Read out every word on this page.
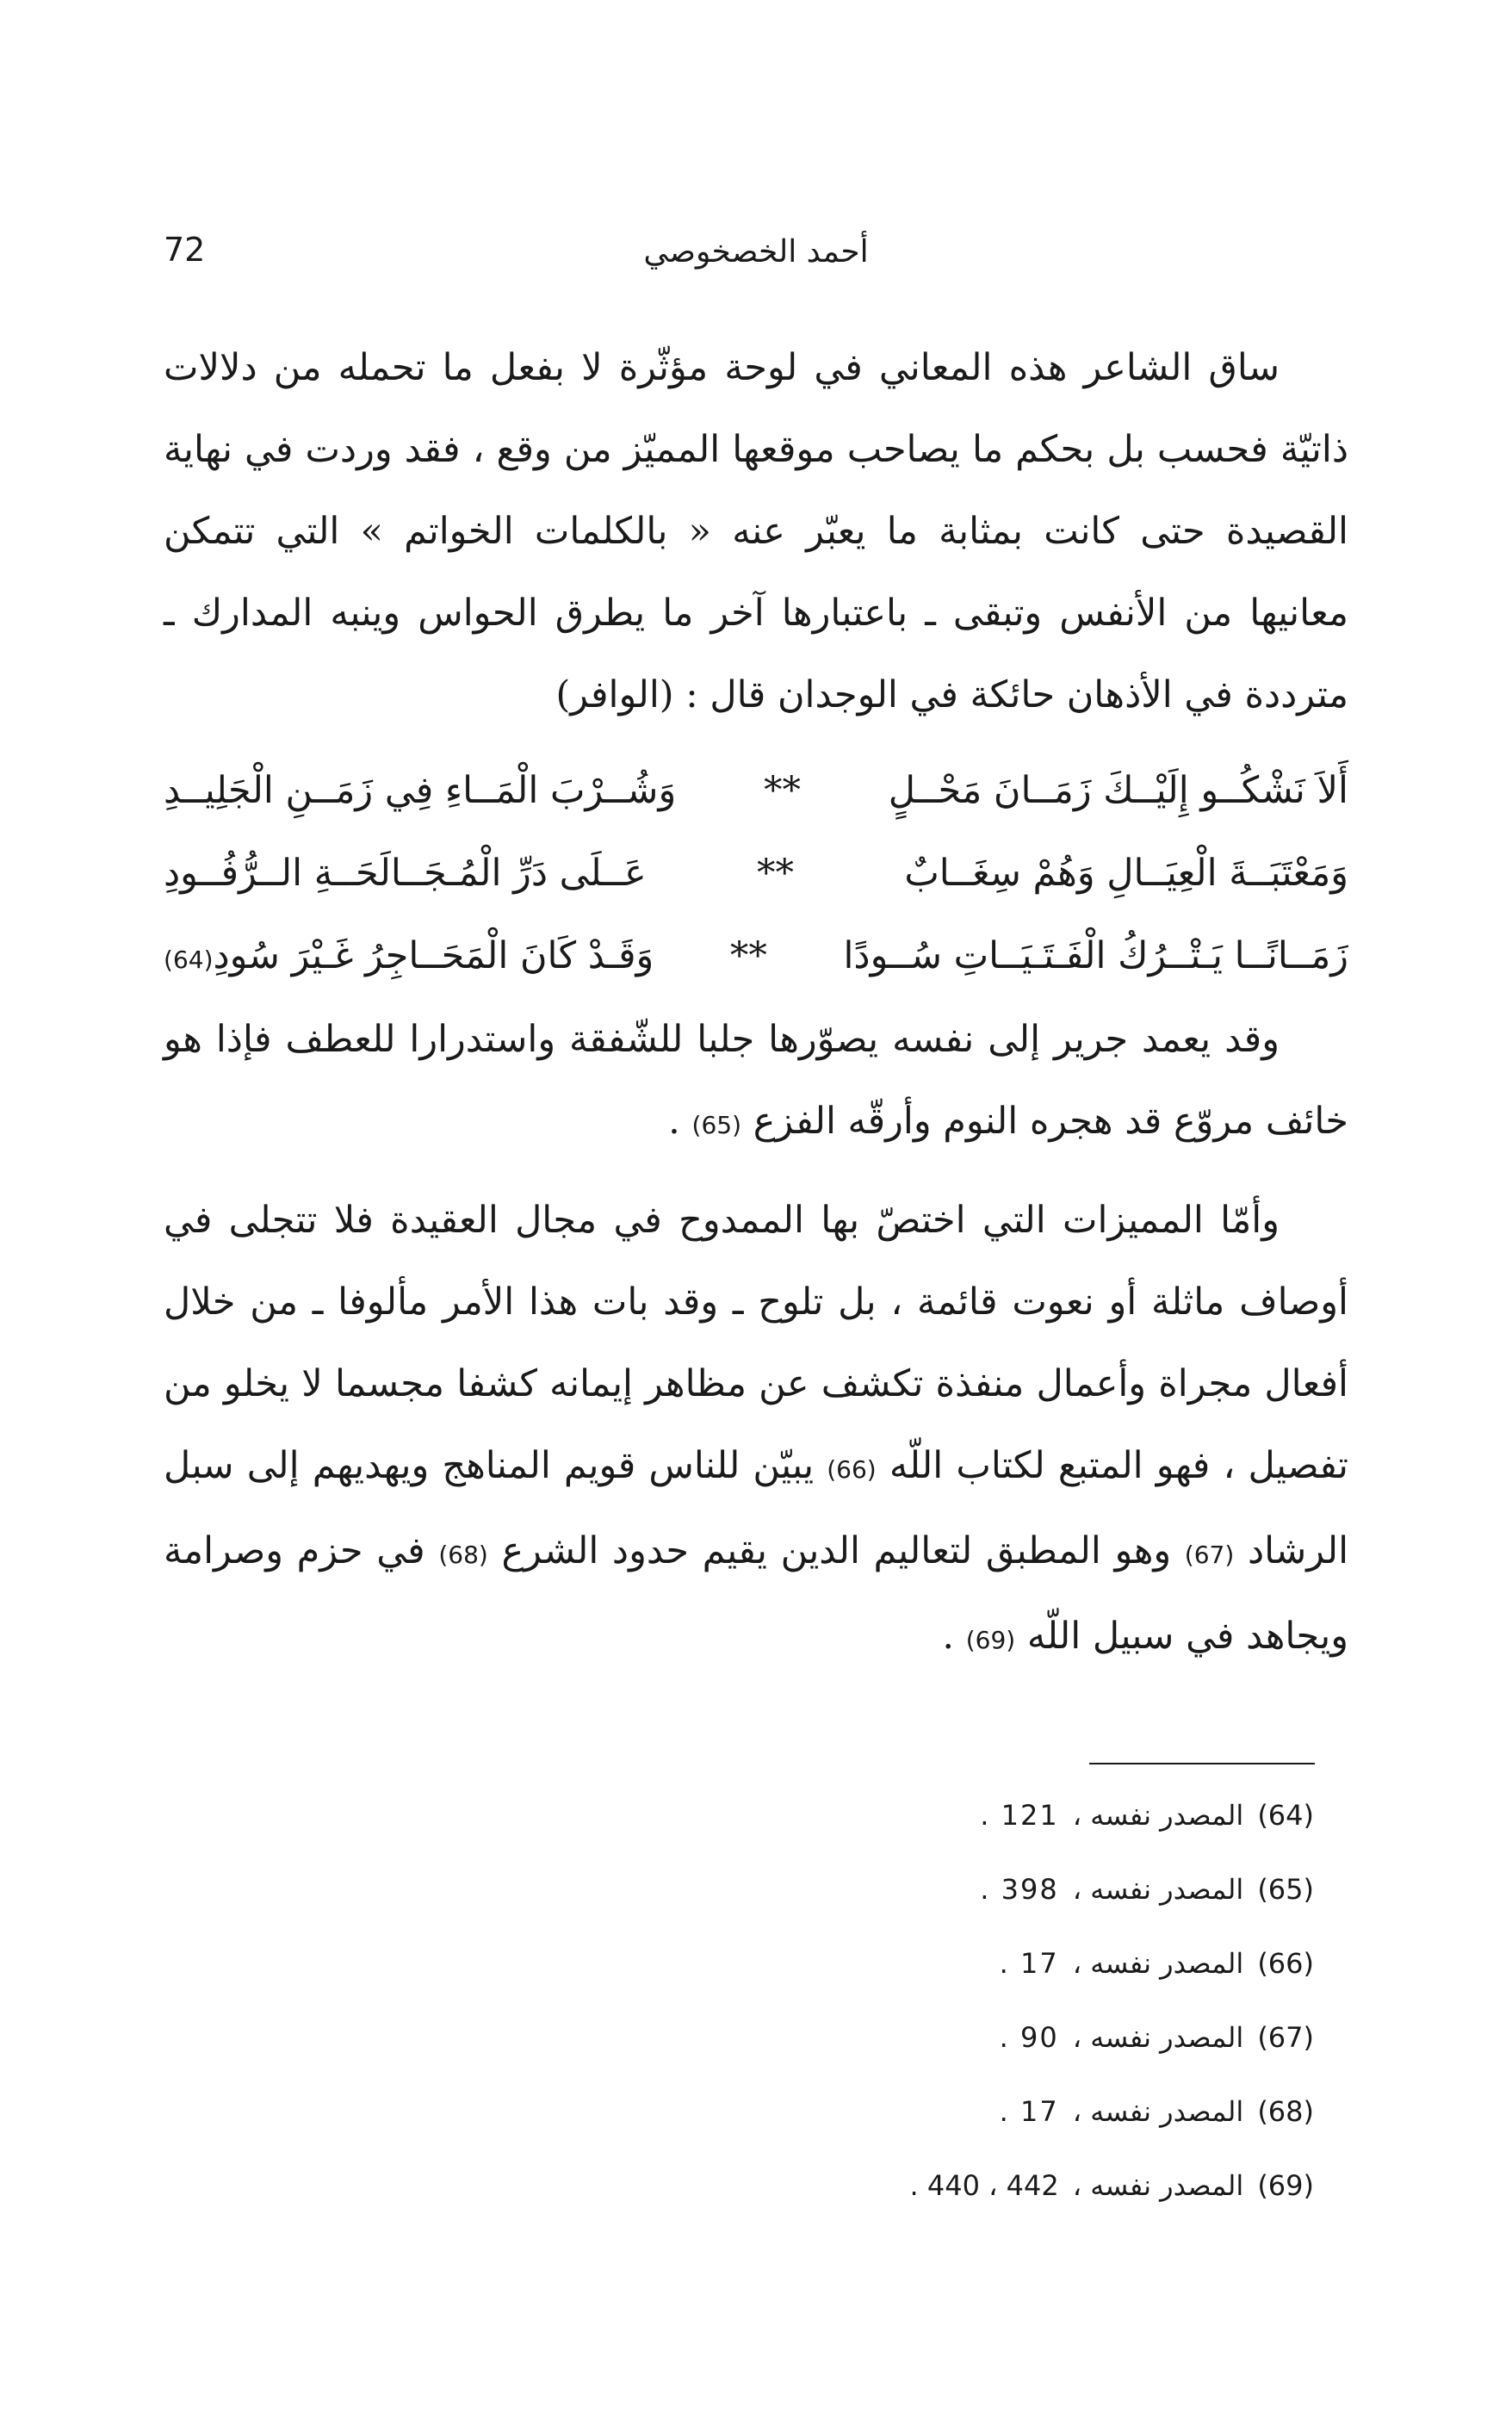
أحمد الخصخوصي
72

ساق الشاعر هذه المعاني في لوحة مؤثّرة لا بفعل ما تحمله من دلالات ذاتيّة فحسب بل بحكم ما يصاحب موقعها المميّز من وقع ، فقد وردت في نهاية القصيدة حتى كانت بمثابة ما يعبّر عنه « بالكلمات الخواتم » التي تتمكن معانيها من الأنفس وتبقى ـ باعتبارها آخر ما يطرق الحواس وينبه المدارك ـ مترددة في الأذهان حائكة في الوجدان قال : (الوافر)

أَلاَ نَشْكُــو إِلَيْــكَ زَمَــانَ مَحْــلٍ
**
وَشُــرْبَ الْمَــاءِ فِي زَمَــنِ الْجَلِيــدِ
وَمَعْتَبَــةَ الْعِيَــالِ وَهُمْ سِغَــابٌ
**
عَــلَى دَرِّ الْمُـجَــالَحَــةِ الــرُّفُــودِ
زَمَــانًــا يَـتْــرُكُ الْفَـتَـيَــاتِ سُــودًا
**
وَقَـدْ كَانَ الْمَحَــاجِرُ غَـيْرَ سُودِ(64)

وقد يعمد جرير إلى نفسه يصوّرها جلبا للشّفقة واستدرارا للعطف فإذا هو خائف مروّع قد هجره النوم وأرقّه الفزع (65) .

وأمّا المميزات التي اختصّ بها الممدوح في مجال العقيدة فلا تتجلى في أوصاف ماثلة أو نعوت قائمة ، بل تلوح ـ وقد بات هذا الأمر مألوفا ـ من خلال أفعال مجراة وأعمال منفذة تكشف عن مظاهر إيمانه كشفا مجسما لا يخلو من تفصيل ، فهو المتبع لكتاب اللّه (66) يبيّن للناس قويم المناهج ويهديهم إلى سبل الرشاد (67) وهو المطبق لتعاليم الدين يقيم حدود الشرع (68) في حزم وصرامة ويجاهد في سبيل اللّه (69) .

(64)
المصدر نفسه ،
121 .
(65)
المصدر نفسه ،
398 .
(66)
المصدر نفسه ،
17 .
(67)
المصدر نفسه ،
90 .
(68)
المصدر نفسه ،
17 .
(69)
المصدر نفسه ،
442 ، 440 .
